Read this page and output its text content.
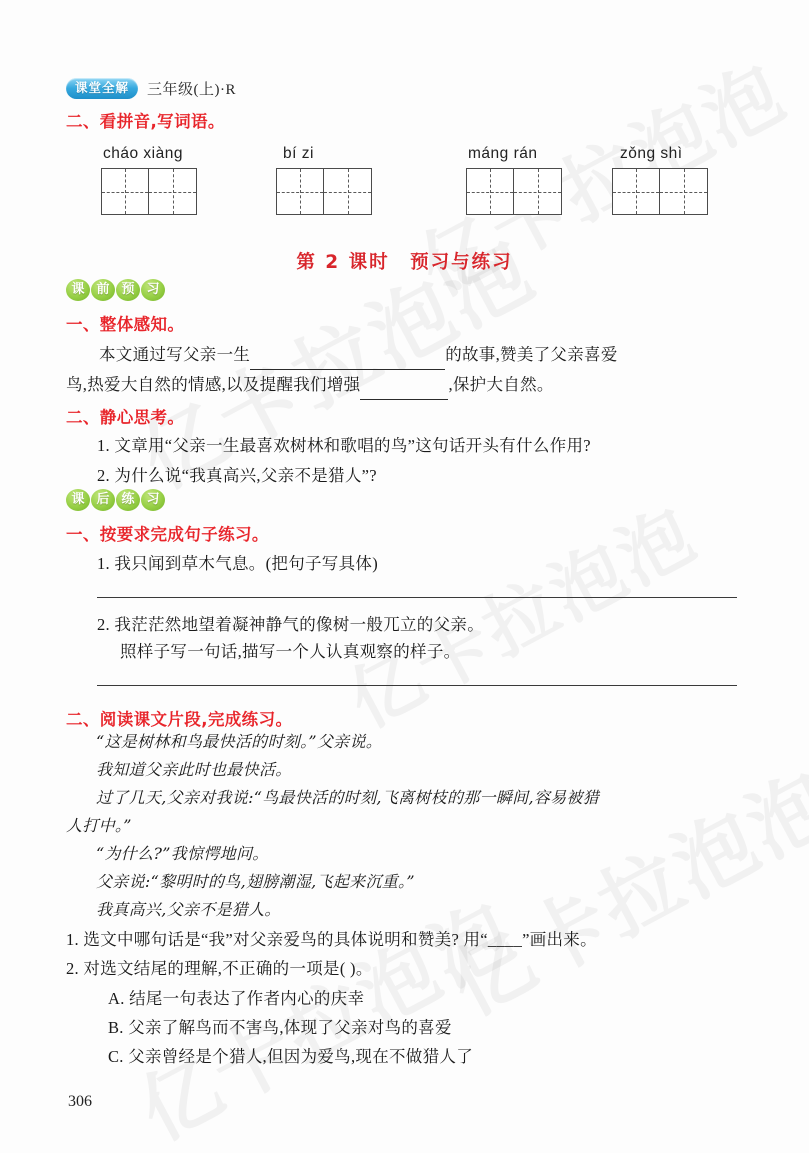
课堂全解	三年级(上)·R
二、看拼音,写词语。
cháo xiàng	bí zi	máng rán	zǒng shì
第 2 课时　预习与练习
课 前 预 习
一、整体感知。
本文通过写父亲一生	的故事,赞美了父亲喜爱
鸟,热爱大自然的情感,以及提醒我们增强	,保护大自然。
二、静心思考。
1. 文章用“父亲一生最喜欢树林和歌唱的鸟”这句话开头有什么作用?
2. 为什么说“我真高兴,父亲不是猎人”?
课 后 练 习
一、按要求完成句子练习。
1. 我只闻到草木气息。(把句子写具体)
2. 我茫茫然地望着凝神静气的像树一般兀立的父亲。
照样子写一句话,描写一个人认真观察的样子。
二、阅读课文片段,完成练习。
“这是树林和鸟最快活的时刻。”父亲说。
我知道父亲此时也最快活。
过了几天,父亲对我说:“鸟最快活的时刻,飞离树枝的那一瞬间,容易被猎
人打中。”
“为什么?”我惊愕地问。
父亲说:“黎明时的鸟,翅膀潮湿,飞起来沉重。”
我真高兴,父亲不是猎人。
1. 选文中哪句话是“我”对父亲爱鸟的具体说明和赞美? 用“____”画出来。
2. 对选文结尾的理解,不正确的一项是( )。
A. 结尾一句表达了作者内心的庆幸
B. 父亲了解鸟而不害鸟,体现了父亲对鸟的喜爱
C. 父亲曾经是个猎人,但因为爱鸟,现在不做猎人了
306
